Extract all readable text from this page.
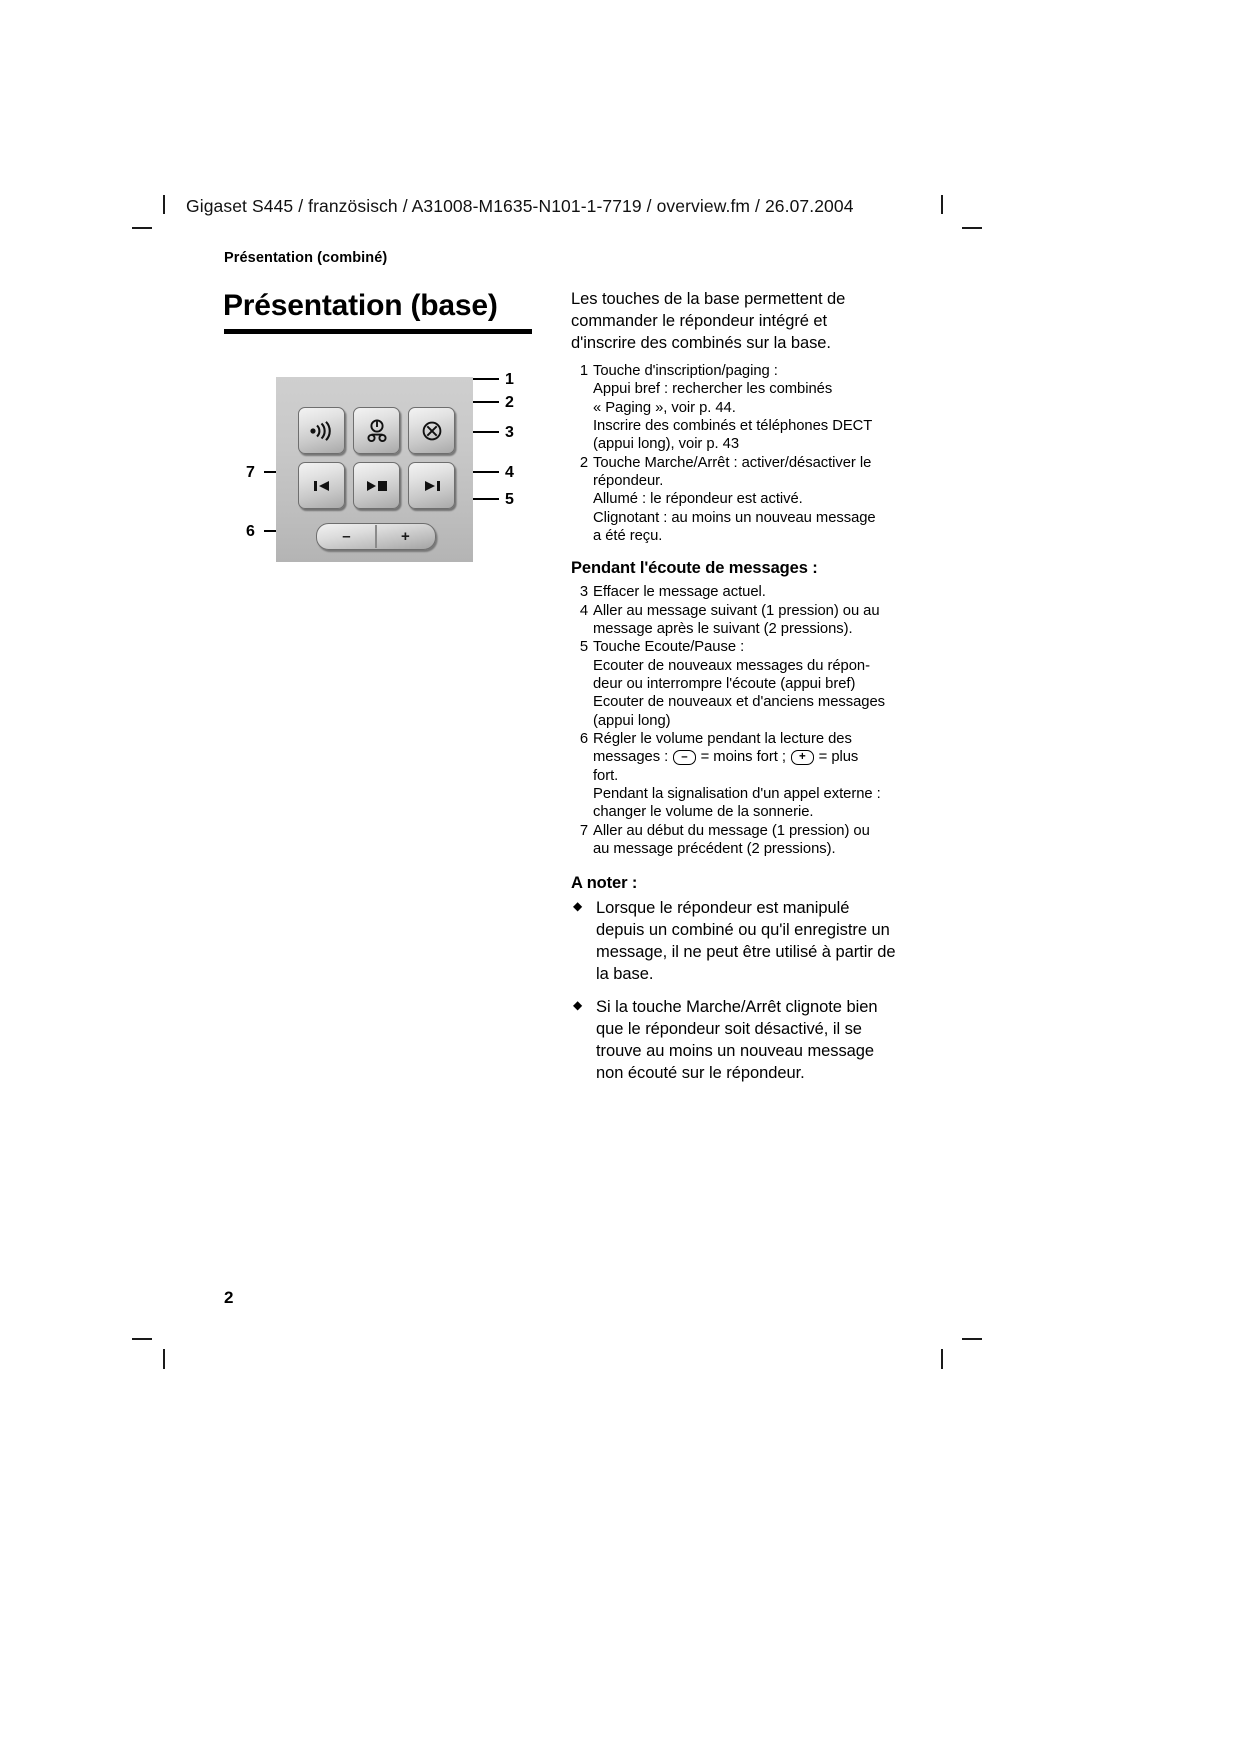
Gigaset S445 / französisch / A31008-M1635-N101-1-7719 / overview.fm / 26.07.2004
Présentation (combiné)
Présentation (base)
1
2
3
4
5
6
7
–	+

Les touches de la base permettent de commander le répondeur intégré et d'inscrire des combinés sur la base.

1 Touche d'inscription/paging :
Appui bref : rechercher les combinés
« Paging », voir p. 44.
Inscrire des combinés et téléphones DECT
(appui long), voir p. 43
2 Touche Marche/Arrêt : activer/désactiver le
répondeur.
Allumé : le répondeur est activé.
Clignotant : au moins un nouveau message
a été reçu.
Pendant l'écoute de messages :
3 Effacer le message actuel.
4 Aller au message suivant (1 pression) ou au
message après le suivant (2 pressions).
5 Touche Ecoute/Pause :
Ecouter de nouveaux messages du répon-
deur ou interrompre l'écoute (appui bref)
Ecouter de nouveaux et d'anciens messages
(appui long)
6 Régler le volume pendant la lecture des
messages : – = moins fort ; + = plus
fort.
Pendant la signalisation d'un appel externe :
changer le volume de la sonnerie.
7 Aller au début du message (1 pression) ou
au message précédent (2 pressions).
A noter :
◆ Lorsque le répondeur est manipulé depuis un combiné ou qu'il enregistre un message, il ne peut être utilisé à partir de la base.
◆ Si la touche Marche/Arrêt clignote bien que le répondeur soit désactivé, il se trouve au moins un nouveau message non écouté sur le répondeur.
2
